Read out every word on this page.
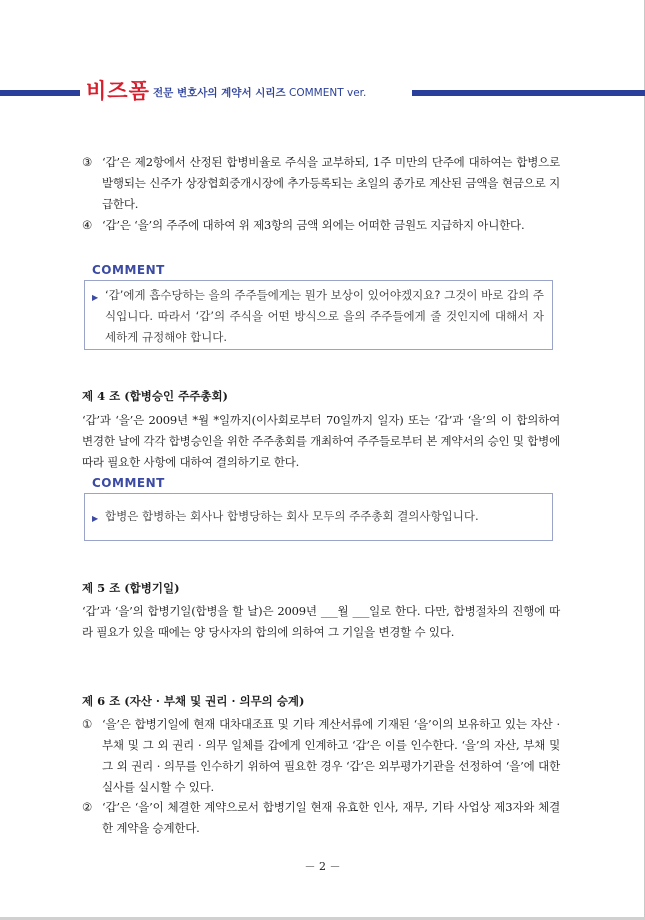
비즈폼 전문 변호사의 계약서 시리즈 COMMENT ver.
③ ‘갑’은 제2항에서 산정된 합병비율로 주식을 교부하되, 1주 미만의 단주에 대하여는 합병으로 발행되는 신주가 상장협회중개시장에 추가등록되는 초일의 종가로 계산된 금액을 현금으로 지급한다.
④ ‘갑’은 ‘을’의 주주에 대하여 위 제3항의 금액 외에는 어떠한 금원도 지급하지 아니한다.
COMMENT
▶ ‘갑’에게 흡수당하는 을의 주주들에게는 뭔가 보상이 있어야겠지요? 그것이 바로 갑의 주식입니다. 따라서 ‘갑’의 주식을 어떤 방식으로 을의 주주들에게 줄 것인지에 대해서 자세하게 규정해야 합니다.
제 4 조 (합병승인 주주총회)
‘갑’과 ‘을’은 2009년 *월 *일까지(이사회로부터 70일까지 일자) 또는 ‘갑’과 ‘을’의 이 합의하여 변경한 날에 각각 합병승인을 위한 주주총회를 개최하여 주주들로부터 본 계약서의 승인 및 합병에 따라 필요한 사항에 대하여 결의하기로 한다.
COMMENT
▶ 합병은 합병하는 회사나 합병당하는 회사 모두의 주주총회 결의사항입니다.
제 5 조 (합병기일)
‘갑’과 ‘을’의 합병기일(합병을 할 날)은 2009년 ___월 ___일로 한다. 다만, 합병절차의 진행에 따라 필요가 있을 때에는 양 당사자의 합의에 의하여 그 기일을 변경할 수 있다.
제 6 조 (자산 · 부채 및 권리 · 의무의 승계)
① ‘을’은 합병기일에 현재 대차대조표 및 기타 계산서류에 기재된 ‘을’이의 보유하고 있는 자산 · 부채 및 그 외 권리 · 의무 일체를 갑에게 인계하고 ‘갑’은 이를 인수한다. ‘을’의 자산, 부채 및 그 외 권리 · 의무를 인수하기 위하여 필요한 경우 ‘갑’은 외부평가기관을 선정하여 ‘을’에 대한 실사를 실시할 수 있다.
② ‘갑’은 ‘을’이 체결한 계약으로서 합병기일 현재 유효한 인사, 재무, 기타 사업상 제3자와 체결한 계약을 승계한다.
－ 2 －
